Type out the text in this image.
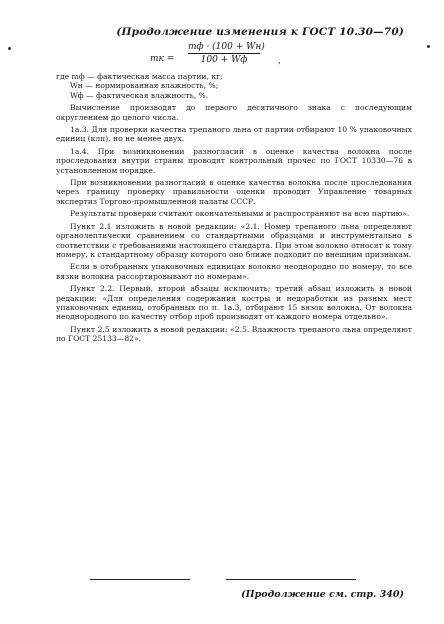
(Продолжение изменения к ГОСТ 10.30—70)
mк =
mф · (100 + Wн)
100 + Wф	,

где mф — фактическая масса партии, кг;

Wн — нормированная влажность, %;

Wф — фактическая влажность, %.

Вычисление производят до первого десятичного знака с последующим округлением до целого числа.

1а.3. Для проверки качества трепаного льна от партии отбирают 10 % упаковочных единиц (клп), но не менее двух.

1а.4. При возникновении разногласий в оценке качества волокна после проследования внутри страны проводят контрольный прочес по ГОСТ 10330—76 в установленном порядке.

При возникновении разногласий в оценке качества волокна после проследования через границу проверку правильности оценки проводит Управление товарных экспертиз Торгово-промышленной палаты СССР.

Результаты проверки считают окончательными и распространяют на всю партию».

Пункт 2.1 изложить в новой редакции: «2.1. Номер трепаного льна определяют органолептически сравнением со стандартными образцами и инструментально в соответствии с требованиями настоящего стандарта. При этом волокно относят к тому номеру, к стандартному образцу которого оно ближе подходит по внешним признакам.

Если в отобранных упаковочных единицах волокно неоднородно по номеру, то все вязки волокна рассортировывают по номерам».

Пункт 2.2. Первый, второй абзацы исключить; третий абзац изложить в новой редакции: «Для определения содержания костры и недоработки из разных мест упаковочных единиц, отобранных по п. 1а.3, отбирают 15 вязок волокна. От волокна неоднородного по качеству отбор проб производят от каждого номера отдельно».

Пункт 2.5 изложить в новой редакции: «2.5. Влажность трепаного льна определяют по ГОСТ 25133—82».

(Продолжение см. стр. 340)
